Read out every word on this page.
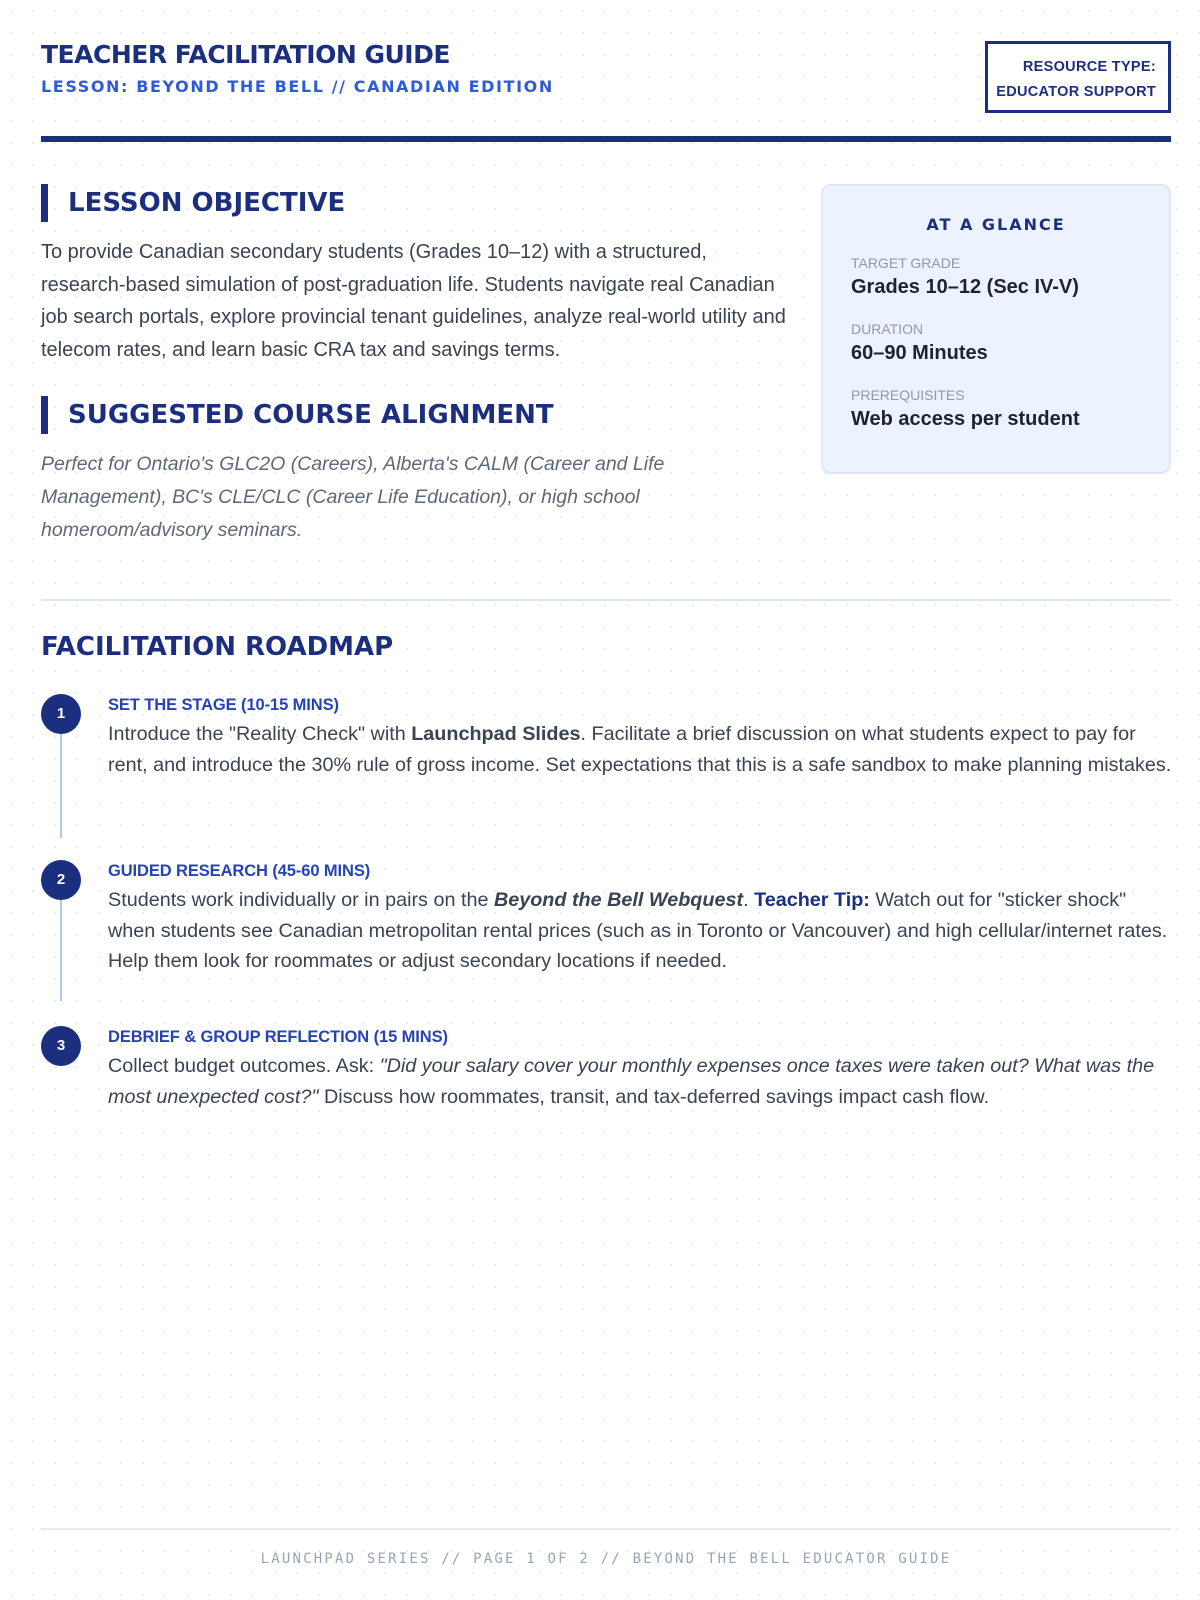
TEACHER FACILITATION GUIDE
LESSON: BEYOND THE BELL // CANADIAN EDITION
RESOURCE TYPE:
EDUCATOR SUPPORT
LESSON OBJECTIVE

To provide Canadian secondary students (Grades 10–12) with a structured, research-based simulation of post-graduation life. Students navigate real Canadian job search portals, explore provincial tenant guidelines, analyze real-world utility and telecom rates, and learn basic CRA tax and savings terms.

SUGGESTED COURSE ALIGNMENT

Perfect for Ontario's GLC2O (Careers), Alberta's CALM (Career and Life Management), BC's CLE/CLC (Career Life Education), or high school homeroom/advisory seminars.

AT A GLANCE
TARGET GRADE
Grades 10–12 (Sec IV-V)
DURATION
60–90 Minutes
PREREQUISITES
Web access per student
FACILITATION ROADMAP
1	SET THE STAGE (10-15 MINS)

Introduce the "Reality Check" with Launchpad Slides. Facilitate a brief discussion on what students expect to pay for rent, and introduce the 30% rule of gross income. Set expectations that this is a safe sandbox to make planning mistakes.

2	GUIDED RESEARCH (45-60 MINS)

Students work individually or in pairs on the Beyond the Bell Webquest. Teacher Tip: Watch out for "sticker shock" when students see Canadian metropolitan rental prices (such as in Toronto or Vancouver) and high cellular/internet rates. Help them look for roommates or adjust secondary locations if needed.

3	DEBRIEF & GROUP REFLECTION (15 MINS)

Collect budget outcomes. Ask: "Did your salary cover your monthly expenses once taxes were taken out? What was the most unexpected cost?" Discuss how roommates, transit, and tax-deferred savings impact cash flow.

LAUNCHPAD SERIES // PAGE 1 OF 2 // BEYOND THE BELL EDUCATOR GUIDE
